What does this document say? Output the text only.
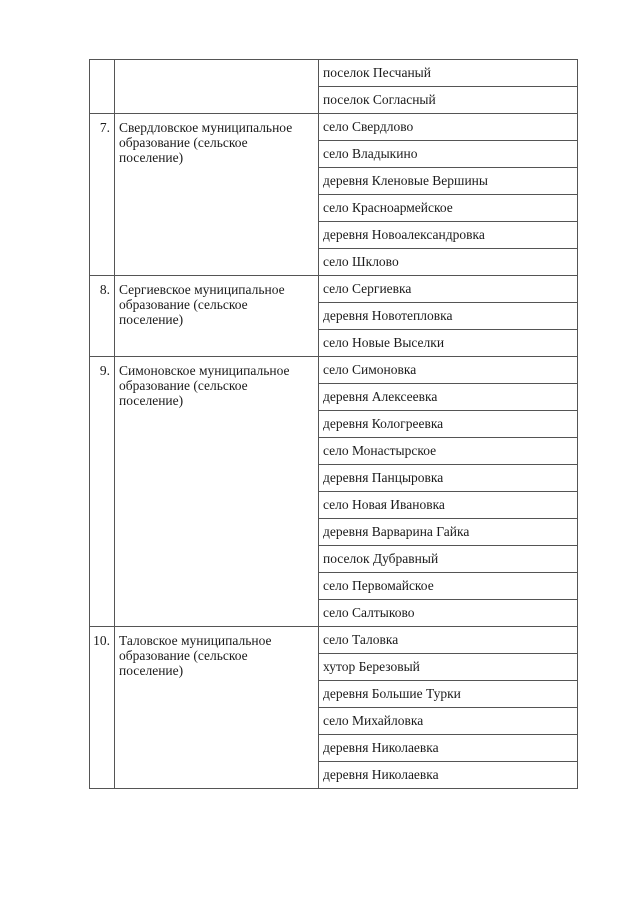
		поселок Песчаный
		поселок Согласный
7.	Свердловское муниципальное образование (сельское поселение)	село Свердлово
		село Владыкино
		деревня Кленовые Вершины
		село Красноармейское
		деревня Новоалександровка
		село Шклово
8.	Сергиевское муниципальное образование (сельское поселение)	село Сергиевка
		деревня Новотепловка
		село Новые Выселки
9.	Симоновское муниципальное образование (сельское поселение)	село Симоновка
		деревня Алексеевка
		деревня Кологреевка
		село Монастырское
		деревня Панцыровка
		село Новая Ивановка
		деревня Варварина Гайка
		поселок Дубравный
		село Первомайское
		село Салтыково
10.	Таловское муниципальное образование (сельское поселение)	село Таловка
		хутор Березовый
		деревня Большие Турки
		село Михайловка
		деревня Николаевка
		деревня Николаевка
